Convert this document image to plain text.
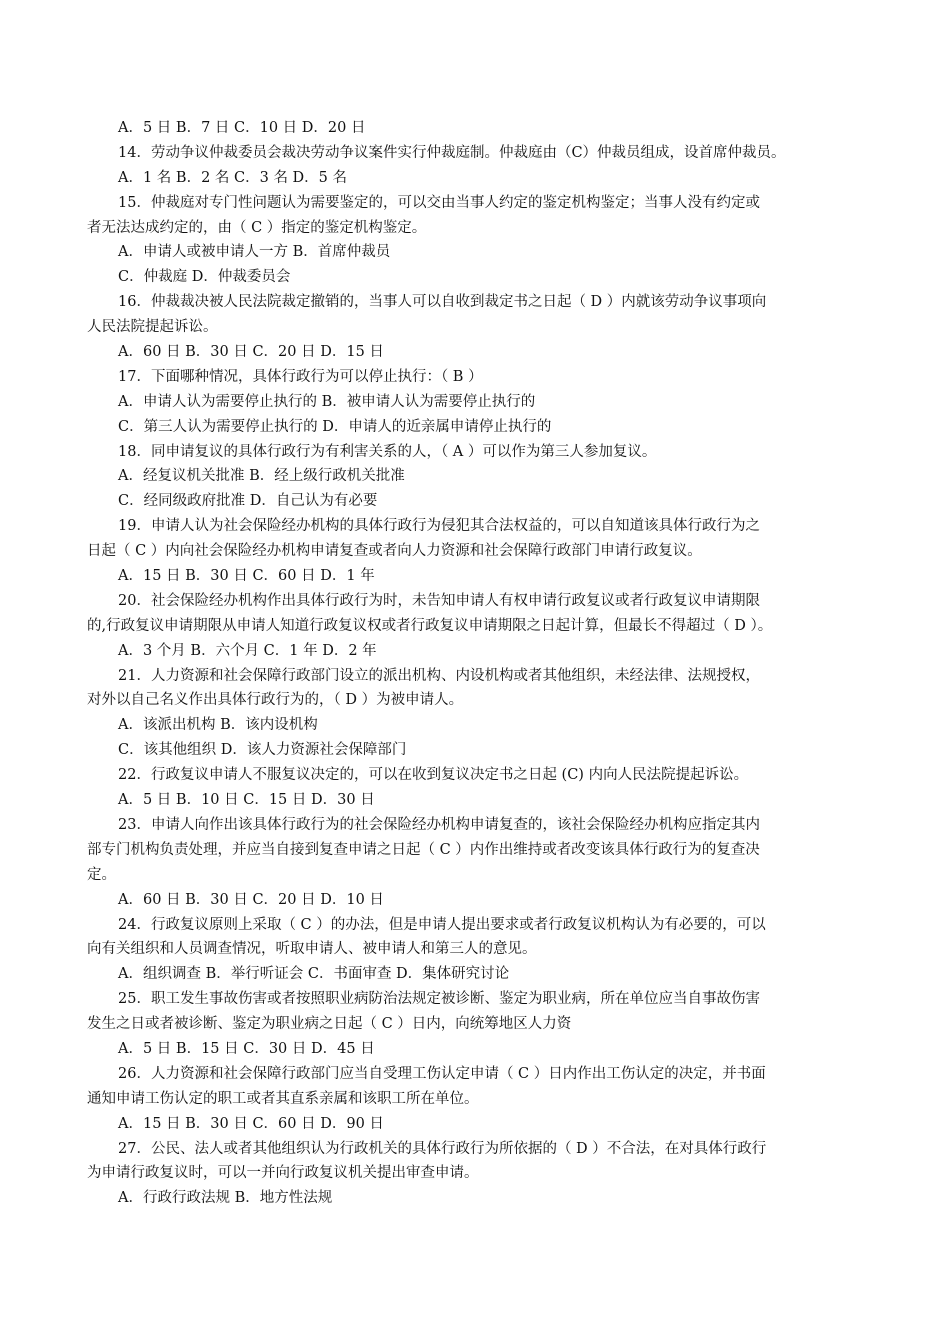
A．5 日 B．7 日 C．10 日 D．20 日
14．劳动争议仲裁委员会裁决劳动争议案件实行仲裁庭制。仲裁庭由（C）仲裁员组成，设首席仲裁员。
A．1 名 B．2 名 C．3 名 D．5 名
15．仲裁庭对专门性问题认为需要鉴定的，可以交由当事人约定的鉴定机构鉴定；当事人没有约定或
者无法达成约定的，由（ C ）指定的鉴定机构鉴定。
A．申请人或被申请人一方 B．首席仲裁员
C．仲裁庭 D．仲裁委员会
16．仲裁裁决被人民法院裁定撤销的，当事人可以自收到裁定书之日起（ D ）内就该劳动争议事项向
人民法院提起诉讼。
A．60 日 B．30 日 C．20 日 D．15 日
17．下面哪种情况，具体行政行为可以停止执行：（ B ）
A．申请人认为需要停止执行的 B．被申请人认为需要停止执行的
C．第三人认为需要停止执行的 D．申请人的近亲属申请停止执行的
18．同申请复议的具体行政行为有利害关系的人，（ A ）可以作为第三人参加复议。
A．经复议机关批准 B．经上级行政机关批准
C．经同级政府批准 D．自己认为有必要
19．申请人认为社会保险经办机构的具体行政行为侵犯其合法权益的，可以自知道该具体行政行为之
日起（ C ）内向社会保险经办机构申请复查或者向人力资源和社会保障行政部门申请行政复议。
A．15 日 B．30 日 C．60 日 D．1 年
20．社会保险经办机构作出具体行政行为时，未告知申请人有权申请行政复议或者行政复议申请期限
的,行政复议申请期限从申请人知道行政复议权或者行政复议申请期限之日起计算，但最长不得超过（ D ）。
A．3 个月 B．六个月 C．1 年 D．2 年
21．人力资源和社会保障行政部门设立的派出机构、内设机构或者其他组织，未经法律、法规授权，
对外以自己名义作出具体行政行为的，（ D ）为被申请人。
A．该派出机构 B．该内设机构
C．该其他组织 D．该人力资源社会保障部门
22．行政复议申请人不服复议决定的，可以在收到复议决定书之日起 (C) 内向人民法院提起诉讼。
A．5 日 B．10 日 C．15 日 D．30 日
23．申请人向作出该具体行政行为的社会保险经办机构申请复查的，该社会保险经办机构应指定其内
部专门机构负责处理，并应当自接到复查申请之日起（ C ）内作出维持或者改变该具体行政行为的复查决
定。
A．60 日 B．30 日 C．20 日 D．10 日
24．行政复议原则上采取（ C ）的办法，但是申请人提出要求或者行政复议机构认为有必要的，可以
向有关组织和人员调查情况，听取申请人、被申请人和第三人的意见。
A．组织调查 B．举行听证会 C．书面审查 D．集体研究讨论
25．职工发生事故伤害或者按照职业病防治法规定被诊断、鉴定为职业病，所在单位应当自事故伤害
发生之日或者被诊断、鉴定为职业病之日起（ C ）日内，向统筹地区人力资
A．5 日 B．15 日 C．30 日 D．45 日
26．人力资源和社会保障行政部门应当自受理工伤认定申请（ C ）日内作出工伤认定的决定，并书面
通知申请工伤认定的职工或者其直系亲属和该职工所在单位。
A．15 日 B．30 日 C．60 日 D．90 日
27．公民、法人或者其他组织认为行政机关的具体行政行为所依据的（ D ）不合法，在对具体行政行
为申请行政复议时，可以一并向行政复议机关提出审查申请。
A．行政行政法规 B．地方性法规
